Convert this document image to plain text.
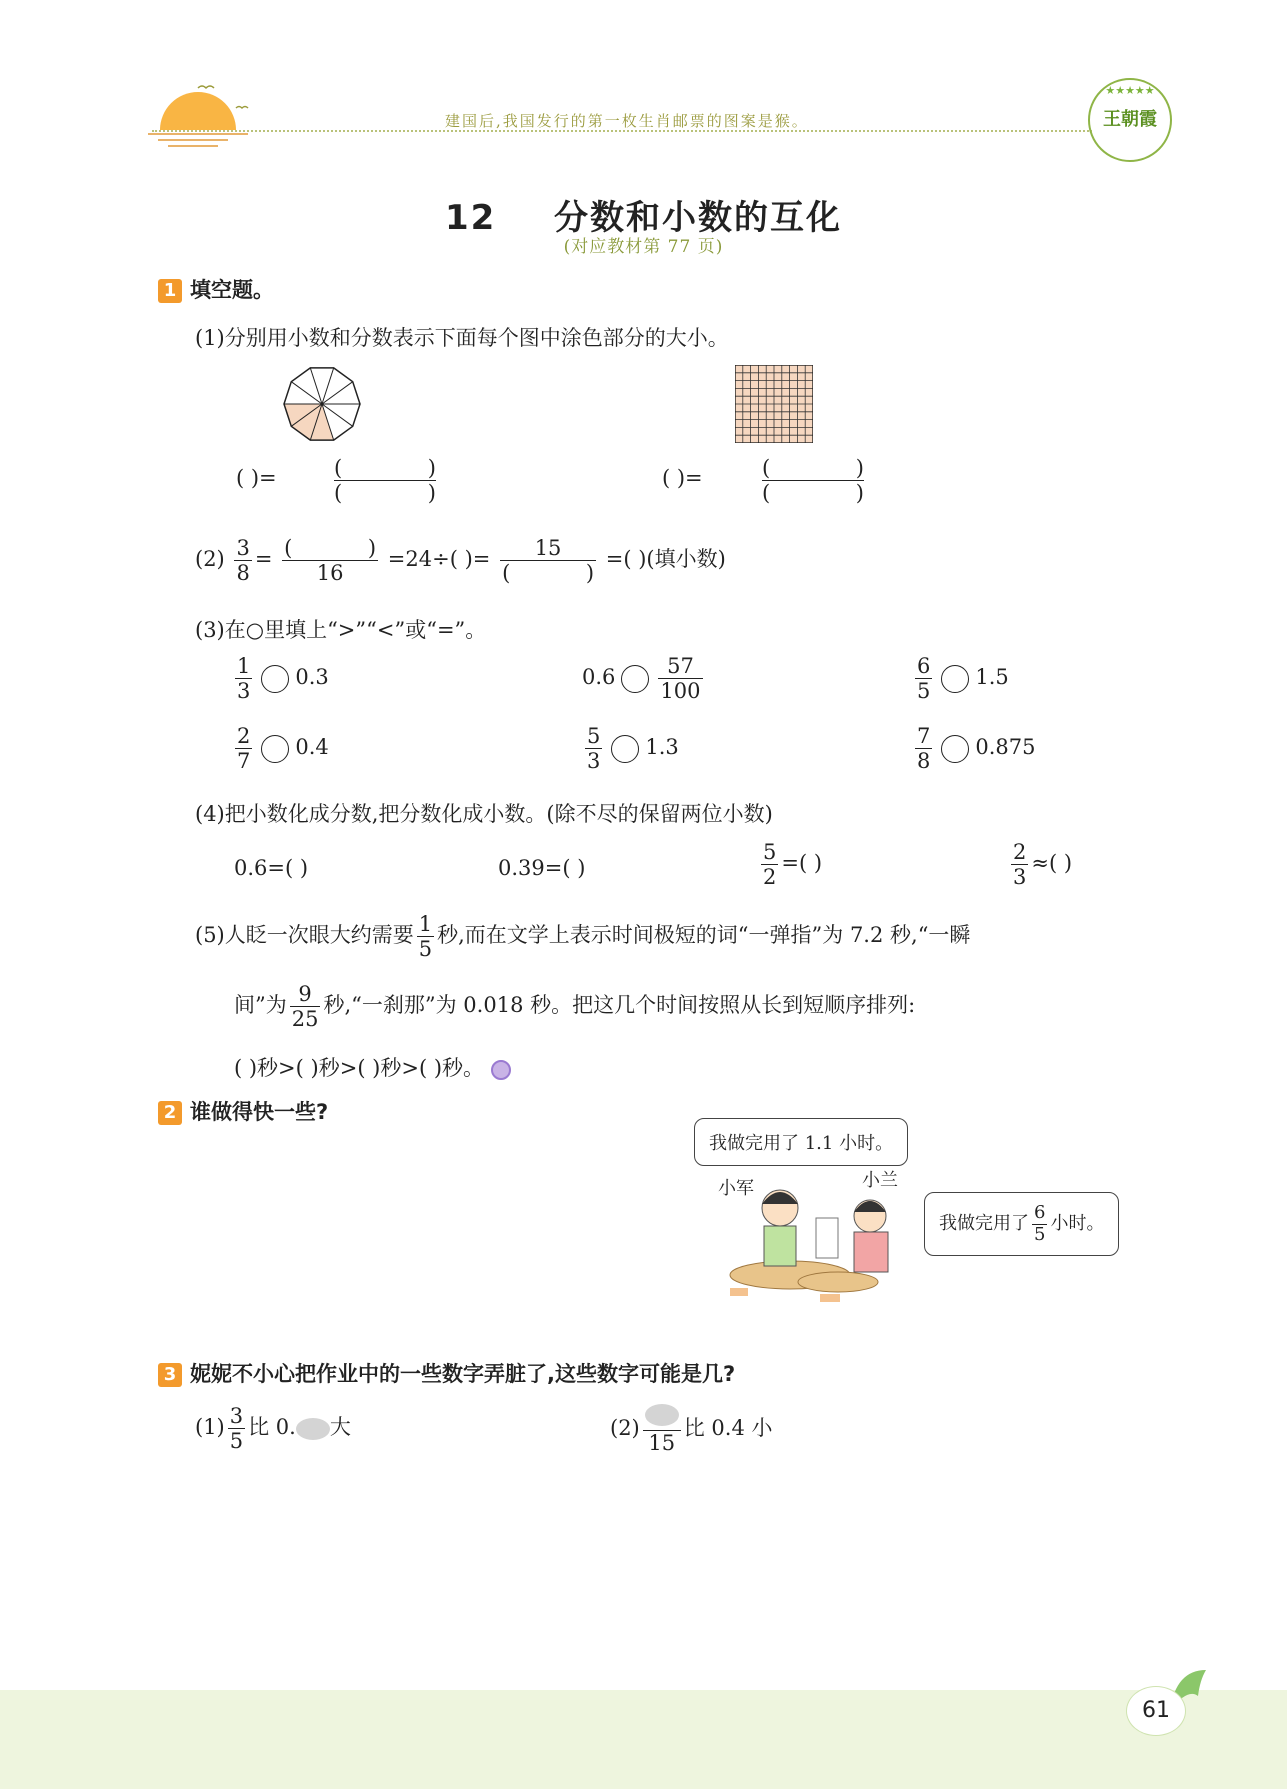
建国后,我国发行的第一枚生肖邮票的图案是猴。
★★★★★
王朝霞
12 分数和小数的互化
(对应教材第 77 页)
1 填空题。
(1)分别用小数和分数表示下面每个图中涂色部分的大小。
( )=	(	)
(	)
( )=	(	)
(	)
$(2) \frac{3}{8}$ = (	)
16 =24÷( )= 15
(	) =( )(填小数)
(3)在○里填上“>”“<”或“=”。
$\frac{1}{3} 0.3$	$0.6 \frac{57}{100}$	$\frac{6}{5} 1.5$
$\frac{2}{7} 0.4$	$\frac{5}{3} 1.3$	$\frac{7}{8} 0.875$
(4)把小数化成分数,把分数化成小数。(除不尽的保留两位小数)
0.6=( )	0.39=( )	$\frac{5}{2}$ =( )	$\frac{2}{3}$ ≈( )
(5)人眨一次眼大约需要 $\frac{1}{5}$ 秒,而在文学上表示时间极短的词“一弹指”为 7.2 秒,“一瞬
间”为 $\frac{9}{25}$ 秒,“一刹那”为 0.018 秒。把这几个时间按照从长到短顺序排列:
( )秒>( )秒>( )秒>( )秒。
2 谁做得快一些?
我做完用了 1.1 小时。
小军	小兰
我做完用了 $\frac{6}{5}$ 小时。
3 妮妮不小心把作业中的一些数字弄脏了,这些数字可能是几?
$(1) \frac{3}{5}$ 比 0. 大	(2)
15
比 0.4 小
61
